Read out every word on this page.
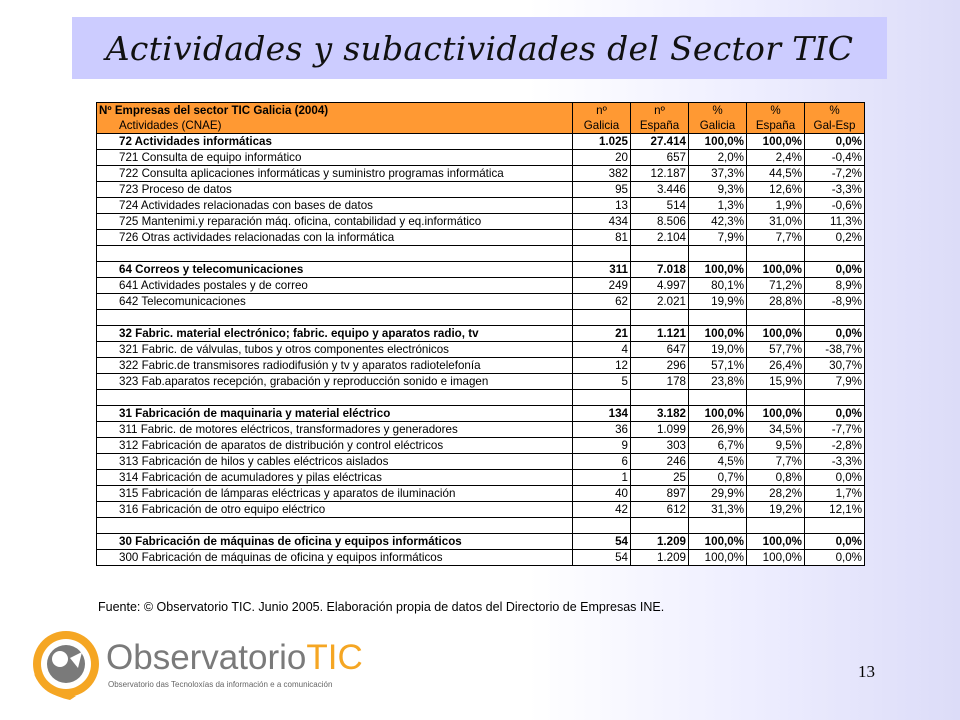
Actividades y subactividades del Sector TIC
Nº Empresas del sector TIC Galicia (2004)	nº	nº	%	%	%
Actividades (CNAE)	Galicia	España	Galicia	España	Gal-Esp
72 Actividades informáticas	1.025	27.414	100,0%	100,0%	0,0%
721 Consulta de equipo informático	20	657	2,0%	2,4%	-0,4%
722 Consulta aplicaciones informáticas y suministro programas informática	382	12.187	37,3%	44,5%	-7,2%
723 Proceso de datos	95	3.446	9,3%	12,6%	-3,3%
724 Actividades relacionadas con bases de datos	13	514	1,3%	1,9%	-0,6%
725 Mantenimi.y reparación máq. oficina, contabilidad y eq.informático	434	8.506	42,3%	31,0%	11,3%
726 Otras actividades relacionadas con la informática	81	2.104	7,9%	7,7%	0,2%

64 Correos y telecomunicaciones	311	7.018	100,0%	100,0%	0,0%
641 Actividades postales y de correo	249	4.997	80,1%	71,2%	8,9%
642 Telecomunicaciones	62	2.021	19,9%	28,8%	-8,9%

32 Fabric. material electrónico; fabric. equipo y aparatos radio, tv	21	1.121	100,0%	100,0%	0,0%
321 Fabric. de válvulas, tubos y otros componentes electrónicos	4	647	19,0%	57,7%	-38,7%
322 Fabric.de transmisores radiodifusión y tv y aparatos radiotelefonía	12	296	57,1%	26,4%	30,7%
323 Fab.aparatos recepción, grabación y reproducción sonido e imagen	5	178	23,8%	15,9%	7,9%

31 Fabricación de maquinaria y material eléctrico	134	3.182	100,0%	100,0%	0,0%
311 Fabric. de motores eléctricos, transformadores y generadores	36	1.099	26,9%	34,5%	-7,7%
312 Fabricación de aparatos de distribución y control eléctricos	9	303	6,7%	9,5%	-2,8%
313 Fabricación de hilos y cables eléctricos aislados	6	246	4,5%	7,7%	-3,3%
314 Fabricación de acumuladores y pilas eléctricas	1	25	0,7%	0,8%	0,0%
315 Fabricación de lámparas eléctricas y aparatos de iluminación	40	897	29,9%	28,2%	1,7%
316 Fabricación de otro equipo eléctrico	42	612	31,3%	19,2%	12,1%

30 Fabricación de máquinas de oficina y equipos informáticos	54	1.209	100,0%	100,0%	0,0%
300 Fabricación de máquinas de oficina y equipos informáticos	54	1.209	100,0%	100,0%	0,0%
Fuente: © Observatorio TIC. Junio 2005. Elaboración propia de datos del Directorio de Empresas INE.
ObservatorioTIC
Observatorio das Tecnoloxías da información e a comunicación
13
